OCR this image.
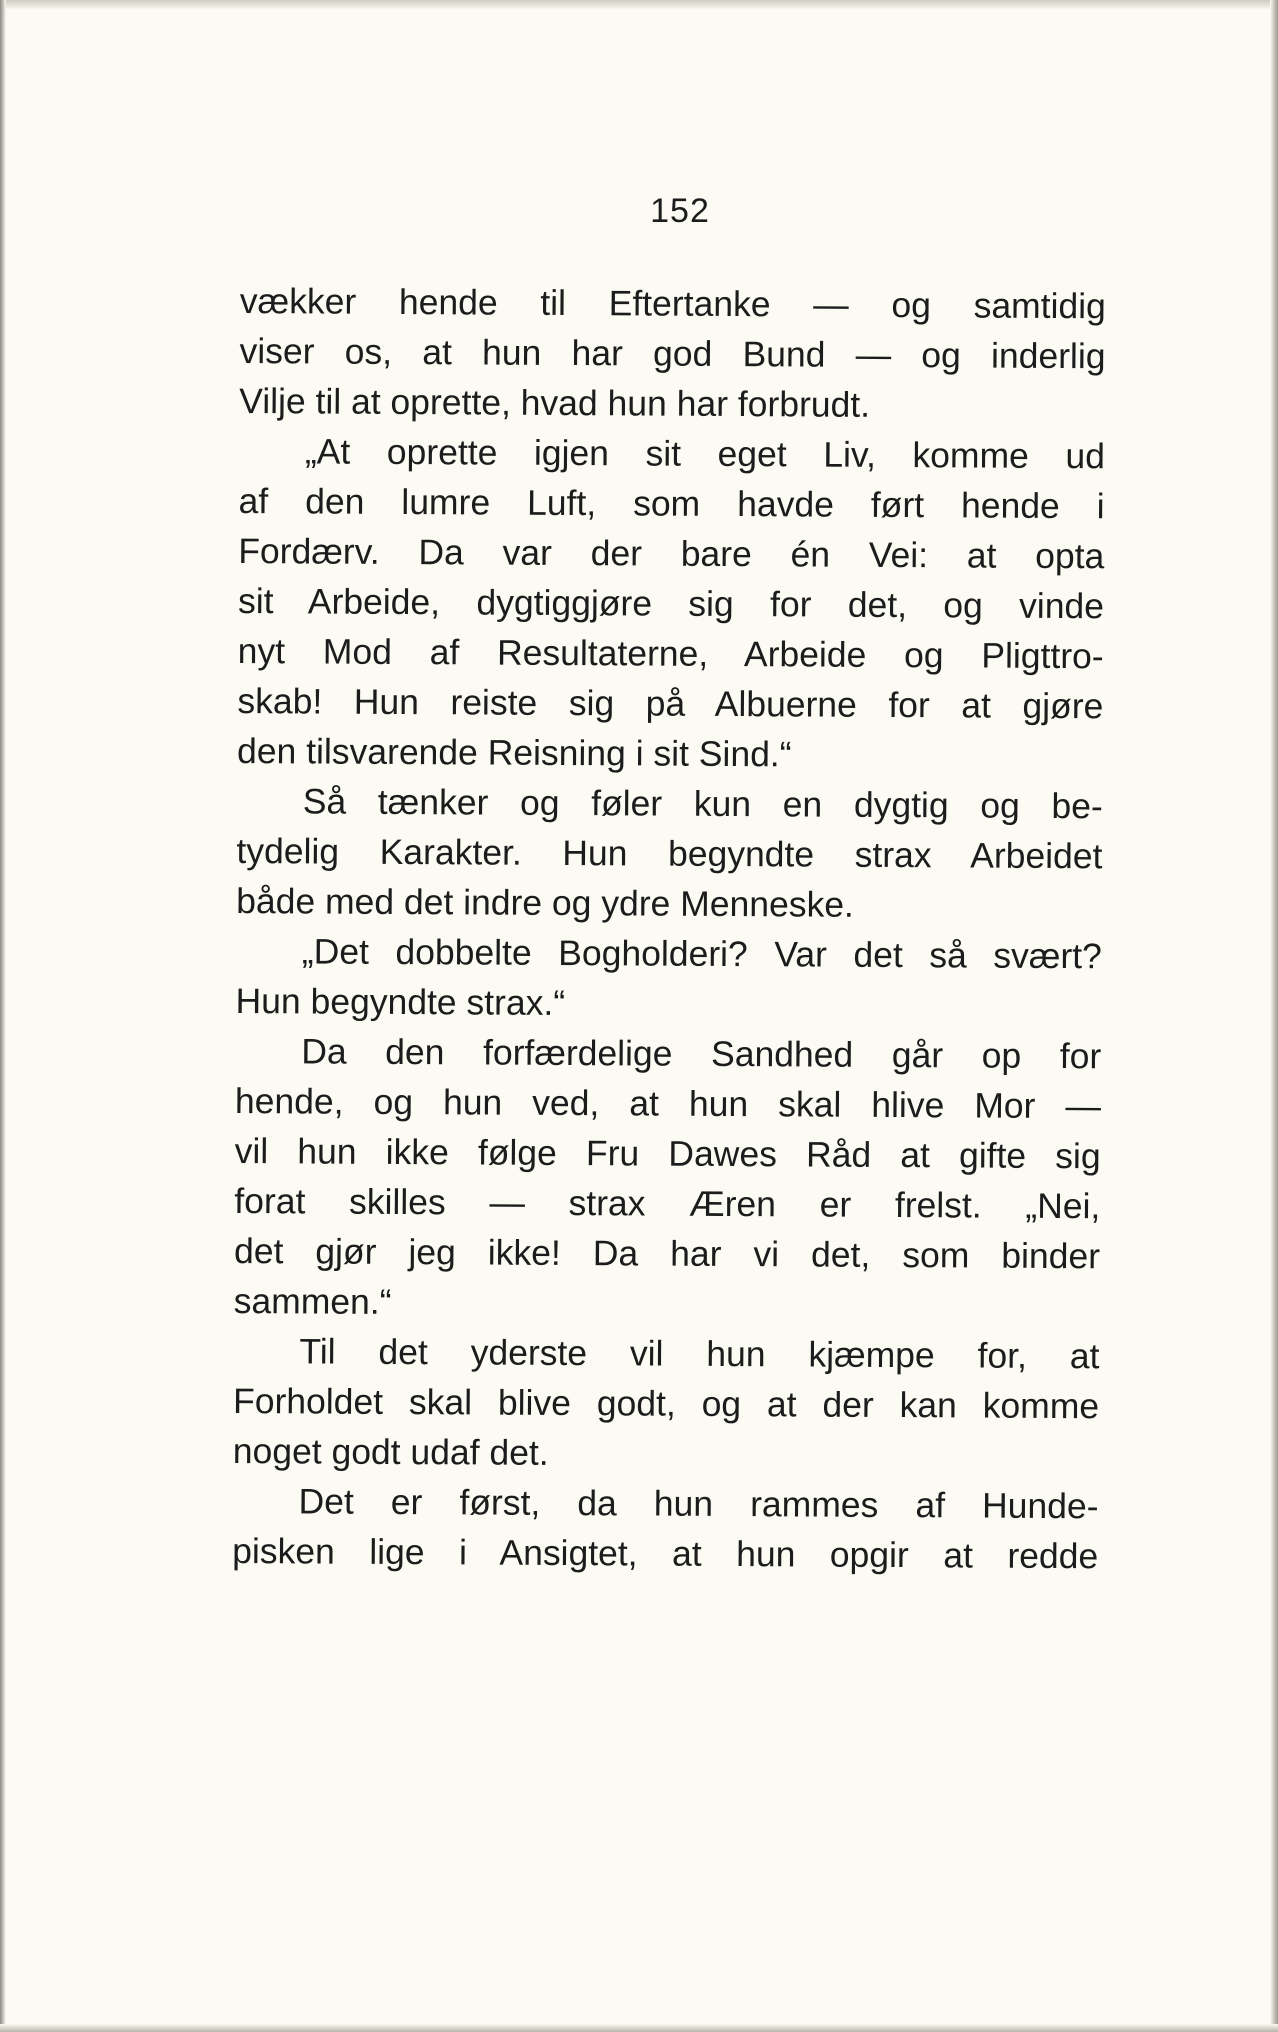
152
vækker hende til Eftertanke — og samtidig
viser os, at hun har god Bund — og inderlig
Vilje til at oprette, hvad hun har forbrudt.
„At oprette igjen sit eget Liv, komme ud
af den lumre Luft, som havde ført hende i
Fordærv. Da var der bare én Vei: at opta
sit Arbeide, dygtiggjøre sig for det, og vinde
nyt Mod af Resultaterne, Arbeide og Pligttro-
skab! Hun reiste sig på Albuerne for at gjøre
den tilsvarende Reisning i sit Sind.“
Så tænker og føler kun en dygtig og be-
tydelig Karakter. Hun begyndte strax Arbeidet
både med det indre og ydre Menneske.
„Det dobbelte Bogholderi? Var det så svært?
Hun begyndte strax.“
Da den forfærdelige Sandhed går op for
hende, og hun ved, at hun skal hlive Mor —
vil hun ikke følge Fru Dawes Råd at gifte sig
forat skilles — strax Æren er frelst. „Nei,
det gjør jeg ikke! Da har vi det, som binder
sammen.“
Til det yderste vil hun kjæmpe for, at
Forholdet skal blive godt, og at der kan komme
noget godt udaf det.
Det er først, da hun rammes af Hunde-
pisken lige i Ansigtet, at hun opgir at redde
